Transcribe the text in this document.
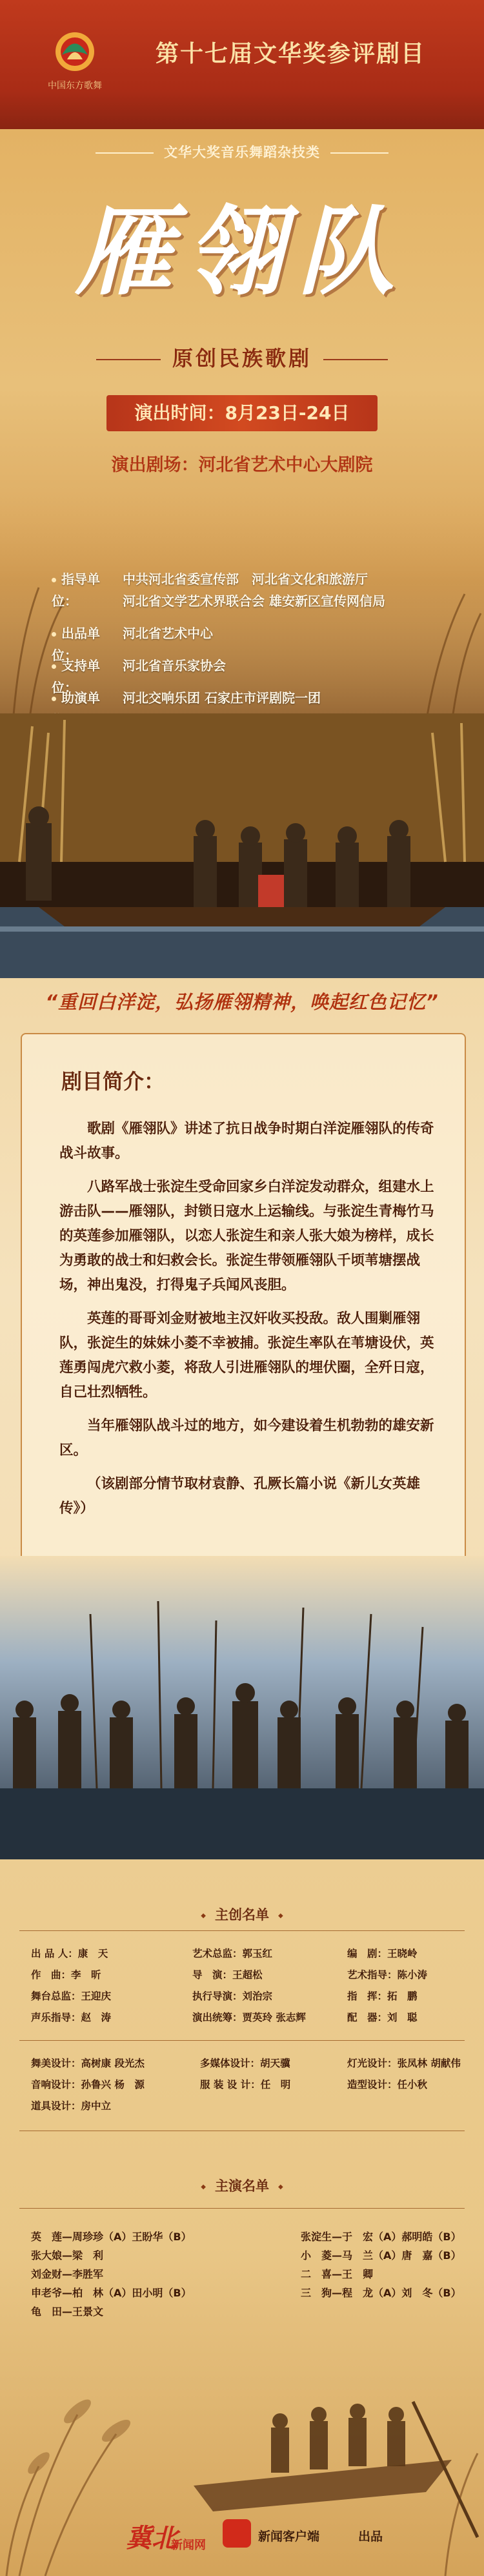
中国东方歌舞
第十七届文华奖参评剧目
文华大奖音乐舞蹈杂技类
雁翎队
原创民族歌剧
演出时间：8月23日-24日
演出剧场：河北省艺术中心大剧院
指导单位：
中共河北省委宣传部　河北省文化和旅游厅
河北省文学艺术界联合会 雄安新区宣传网信局
出品单位：
河北省艺术中心
支持单位：
河北省音乐家协会
助演单	河北交响乐团 石家庄市评剧院一团
“重回白洋淀，弘扬雁翎精神，唤起红色记忆”
剧目简介：

歌剧《雁翎队》讲述了抗日战争时期白洋淀雁翎队的传奇战斗故事。

八路军战士张淀生受命回家乡白洋淀发动群众，组建水上游击队——雁翎队，封锁日寇水上运输线。与张淀生青梅竹马的英莲参加雁翎队，以恋人张淀生和亲人张大娘为榜样，成长为勇敢的战士和妇救会长。张淀生带领雁翎队千顷苇塘摆战场，神出鬼没，打得鬼子兵闻风丧胆。

英莲的哥哥刘金财被地主汉奸收买投敌。敌人围剿雁翎队，张淀生的妹妹小菱不幸被捕。张淀生率队在苇塘设伏，英莲勇闯虎穴救小菱，将敌人引进雁翎队的埋伏圈，全歼日寇，自己壮烈牺牲。

当年雁翎队战斗过的地方，如今建设着生机勃勃的雄安新区。

（该剧部分情节取材袁静、孔厥长篇小说《新儿女英雄传》）

◆ 主创名单 ◆
出 品 人：康　天	艺术总监：郭玉红	编　剧：王晓岭
作　曲：李　昕	导　演：王超松	艺术指导：陈小涛
舞台总监：王迎庆	执行导演：刘治宗	指　挥：拓　鹏
声乐指导：赵　涛	演出统筹：贾英玲 张志辉	配　器：刘　聪
舞美设计：高树康 段光杰	多媒体设计：胡天骥	灯光设计：张凤林 胡献伟
音响设计：孙鲁兴 杨　源	服 装 设 计：任　明	造型设计：任小秋
道具设计：房中立
◆ 主演名单 ◆
英　莲—周珍珍（A）王盼华（B）	张淀生—于　宏（A）郝明皓（B）
张大娘—梁　利	小　菱—马　兰（A）唐　嘉（B）
刘金财—李胜军	二　喜—王　卿
申老爷—柏　林（A）田小明（B）	三　狗—程　龙（A）刘　冬（B）
龟　田—王景文
冀北
新闻网
新闻客户端	出品
